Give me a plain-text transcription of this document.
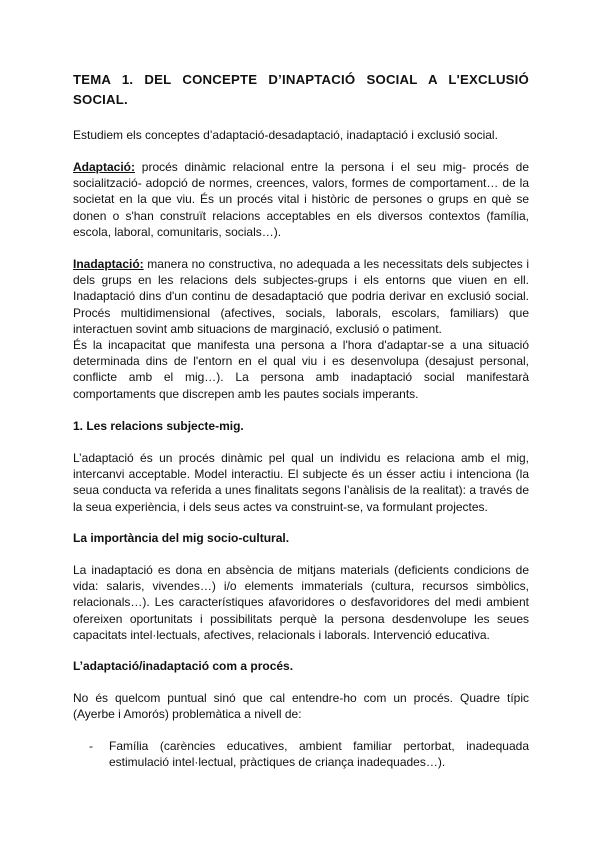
TEMA 1. DEL CONCEPTE D’INAPTACIÓ SOCIAL A L'EXCLUSIÓ SOCIAL.
Estudiem els conceptes d’adaptació-desadaptació, inadaptació i exclusió social.
Adaptació: procés dinàmic relacional entre la persona i el seu mig- procés de socialització- adopció de normes, creences, valors, formes de comportament… de la societat en la que viu. És un procés vital i històric de persones o grups en què se donen o s'han construït relacions acceptables en els diversos contextos (família, escola, laboral, comunitaris, socials…).
Inadaptació: manera no constructiva, no adequada a les necessitats dels subjectes i dels grups en les relacions dels subjectes-grups i els entorns que viuen en ell. Inadaptació dins d'un continu de desadaptació que podria derivar en exclusió social. Procés multidimensional (afectives, socials, laborals, escolars, familiars) que interactuen sovint amb situacions de marginació, exclusió o patiment.
És la incapacitat que manifesta una persona a l'hora d'adaptar-se a una situació determinada dins de l'entorn en el qual viu i es desenvolupa (desajust personal, conflicte amb el mig…). La persona amb inadaptació social manifestarà comportaments que discrepen amb les pautes socials imperants.
1. Les relacions subjecte-mig.
L’adaptació és un procés dinàmic pel qual un individu es relaciona amb el mig, intercanvi acceptable. Model interactiu. El subjecte és un ésser actiu i intenciona (la seua conducta va referida a unes finalitats segons l’anàlisis de la realitat): a través de la seua experiència, i dels seus actes va construint-se, va formulant projectes.
La importància del mig socio-cultural.
La inadaptació es dona en absència de mitjans materials (deficients condicions de vida: salaris, vivendes…) i/o elements immaterials (cultura, recursos simbòlics, relacionals…). Les característiques afavoridores o desfavoridores del medi ambient ofereixen oportunitats i possibilitats perquè la persona desdenvolupe les seues capacitats intel·lectuals, afectives, relacionals i laborals. Intervenció educativa.
L’adaptació/inadaptació com a procés.
No és quelcom puntual sinó que cal entendre-ho com un procés. Quadre típic (Ayerbe i Amorós) problemàtica a nivell de:
-	Família (carències educatives, ambient familiar pertorbat, inadequada estimulació intel·lectual, pràctiques de criança inadequades…).
